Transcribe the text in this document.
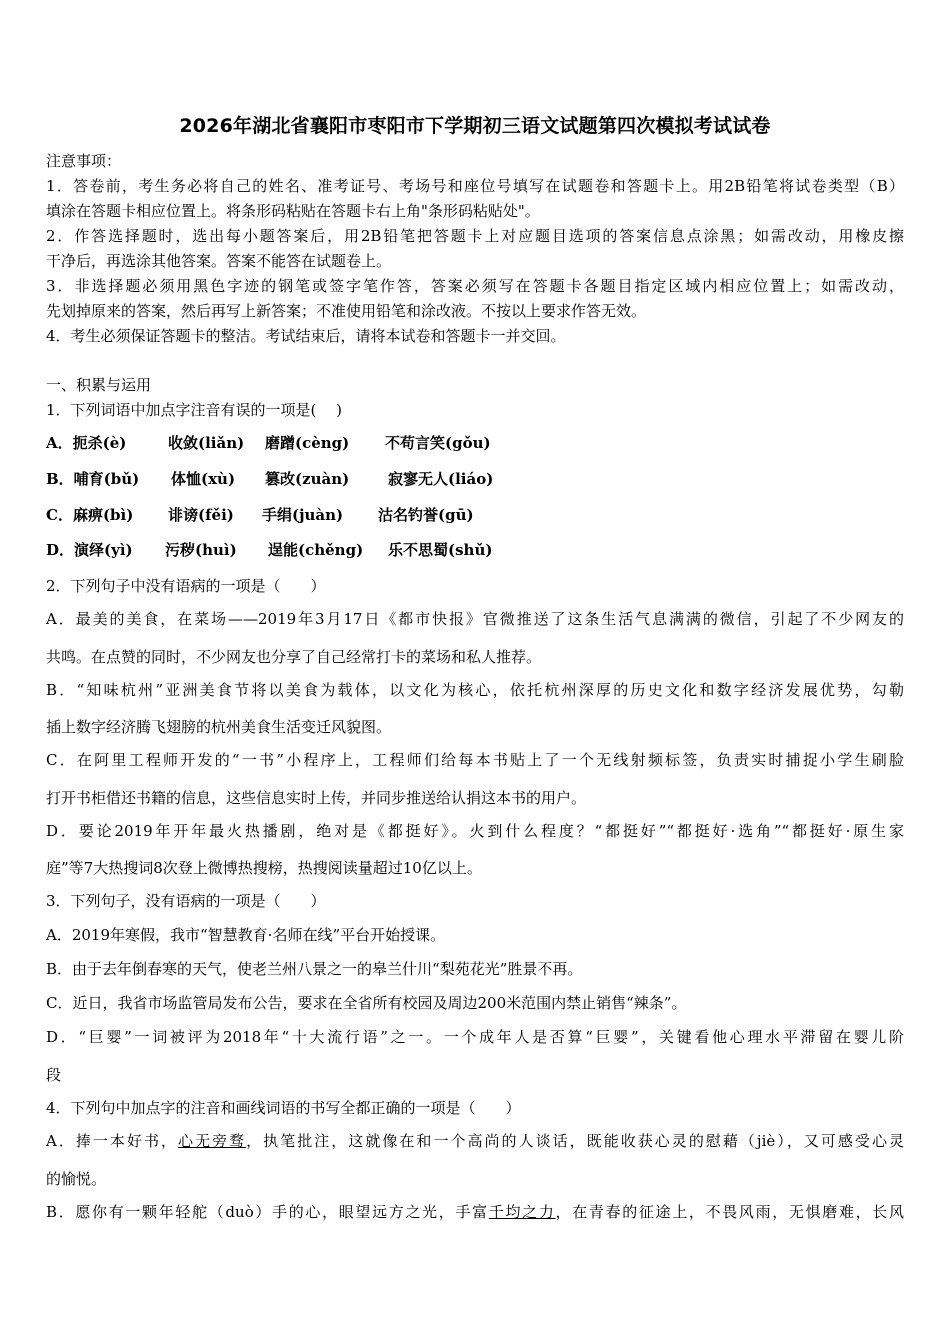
2026年湖北省襄阳市枣阳市下学期初三语文试题第四次模拟考试试卷
注意事项：
1．答卷前，考生务必将自己的姓名、准考证号、考场号和座位号填写在试题卷和答题卡上。用2B铅笔将试卷类型（B）
填涂在答题卡相应位置上。将条形码粘贴在答题卡右上角"条形码粘贴处"。
2．作答选择题时，选出每小题答案后，用2B铅笔把答题卡上对应题目选项的答案信息点涂黑；如需改动，用橡皮擦
干净后，再选涂其他答案。答案不能答在试题卷上。
3．非选择题必须用黑色字迹的钢笔或签字笔作答，答案必须写在答题卡各题目指定区域内相应位置上；如需改动，
先划掉原来的答案，然后再写上新答案；不准使用铅笔和涂改液。不按以上要求作答无效。
4．考生必须保证答题卡的整洁。考试结束后，请将本试卷和答题卡一并交回。
一、积累与运用
1．下列词语中加点字注音有误的一项是(　 )
A．扼杀(è)	收敛(liǎn) 磨蹭(cèng) 不苟言笑(gǒu)
B．哺育(bǔ) 体恤(xù) 篡改(zuàn)	寂寥无人(liáo)
C．麻痹(bì) 诽谤(fěi) 手绢(juàn) 沽名钓誉(gū)
D．演绎(yì) 污秽(huì) 逞能(chěng) 乐不思蜀(shǔ)
2．下列句子中没有语病的一项是（　　）
A．最美的美食，在菜场——2019年3月17日《都市快报》官微推送了这条生活气息满满的微信，引起了不少网友的
共鸣。在点赞的同时，不少网友也分享了自己经常打卡的菜场和私人推荐。
B．“知味杭州”亚洲美食节将以美食为载体，以文化为核心，依托杭州深厚的历史文化和数字经济发展优势，勾勒
插上数字经济腾飞翅膀的杭州美食生活变迁风貌图。
C．在阿里工程师开发的“一书”小程序上，工程师们给每本书贴上了一个无线射频标签，负责实时捕捉小学生刷脸
打开书柜借还书籍的信息，这些信息实时上传，并同步推送给认捐这本书的用户。
D．要论2019年开年最火热播剧，绝对是《都挺好》。火到什么程度？“都挺好”“都挺好·选角”“都挺好·原生家
庭”等7大热搜词8次登上微博热搜榜，热搜阅读量超过10亿以上。
3．下列句子，没有语病的一项是（　　）
A．2019年寒假，我市“智慧教育·名师在线”平台开始授课。
B．由于去年倒春寒的天气，使老兰州八景之一的皋兰什川“梨苑花光”胜景不再。
C．近日，我省市场监管局发布公告，要求在全省所有校园及周边200米范围内禁止销售“辣条”。
D．“巨婴”一词被评为2018年“十大流行语”之一。一个成年人是否算“巨婴”，关键看他心理水平滞留在婴儿阶
段
4．下列句中加点字的注音和画线词语的书写全都正确的一项是（　　）
A．捧一本好书，心无旁骛，执笔批注，这就像在和一个高尚的人谈话，既能收获心灵的慰藉（jiè），又可感受心灵
的愉悦。
B．愿你有一颗年轻舵（duò）手的心，眼望远方之光，手富千均之力，在青春的征途上，不畏风雨，无惧磨难，长风
